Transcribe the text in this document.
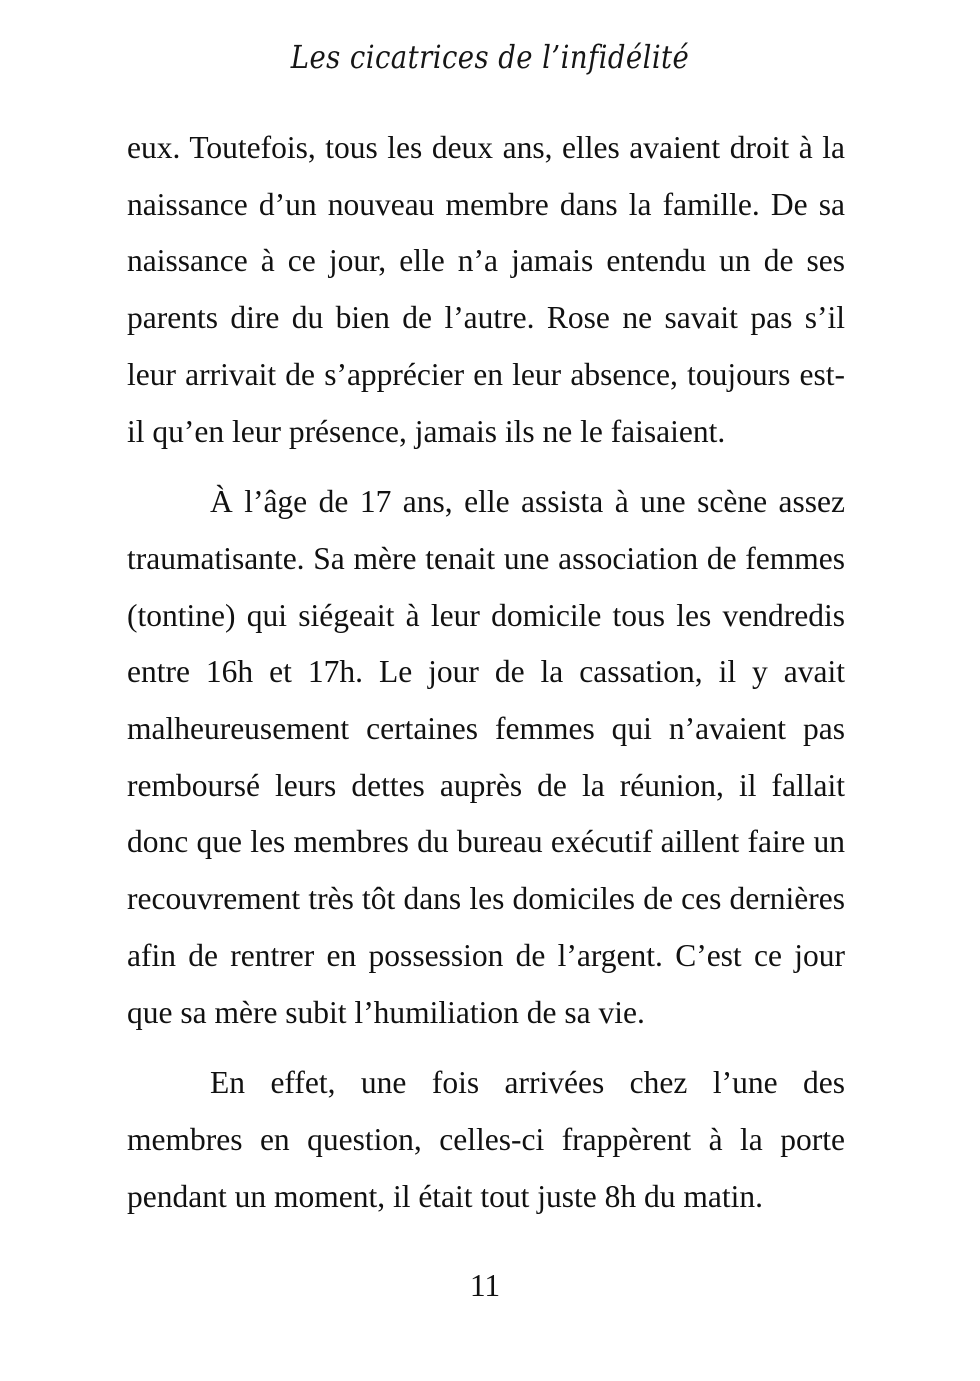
Les cicatrices de l’infidélité

eux. Toutefois, tous les deux ans, elles avaient droit à la naissance d’un nouveau membre dans la famille. De sa naissance à ce jour, elle n’a jamais entendu un de ses parents dire du bien de l’autre. Rose ne savait pas s’il leur arrivait de s’apprécier en leur absence, toujours est-il qu’en leur présence, jamais ils ne le faisaient.

À l’âge de 17 ans, elle assista à une scène assez traumatisante. Sa mère tenait une association de femmes (tontine) qui siégeait à leur domicile tous les vendredis entre 16h et 17h. Le jour de la cassation, il y avait malheureusement certaines femmes qui n’avaient pas remboursé leurs dettes auprès de la réunion, il fallait donc que les membres du bureau exécutif aillent faire un recouvrement très tôt dans les domiciles de ces dernières afin de rentrer en possession de l’argent. C’est ce jour que sa mère subit l’humiliation de sa vie.

En effet, une fois arrivées chez l’une des membres en question, celles-ci frappèrent à la porte pendant un moment, il était tout juste 8h du matin.

11
